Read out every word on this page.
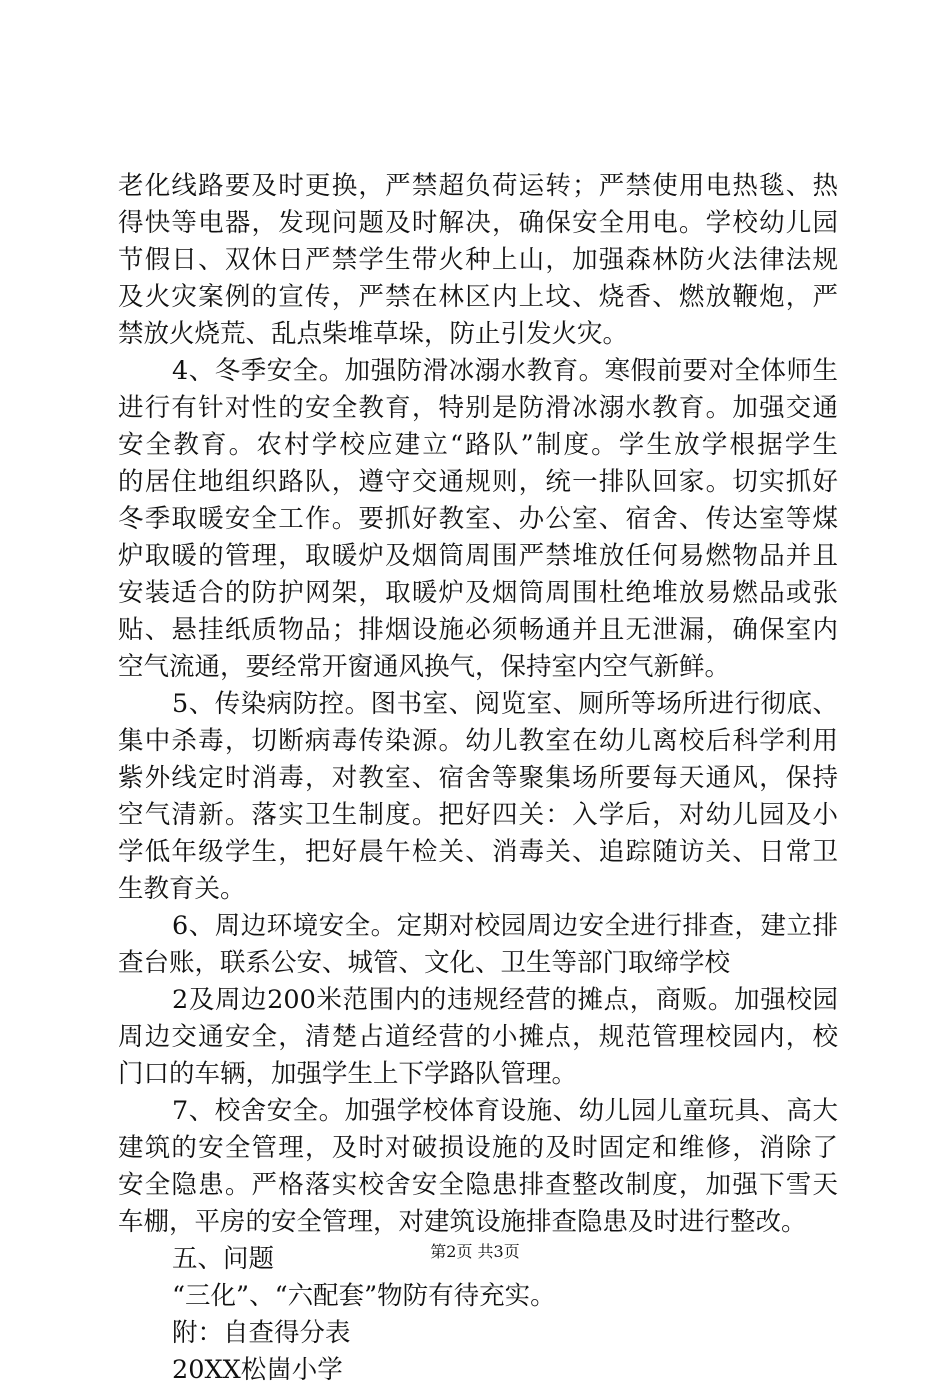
老化线路要及时更换，严禁超负荷运转；严禁使用电热毯、热
得快等电器，发现问题及时解决，确保安全用电。学校幼儿园
节假日、双休日严禁学生带火种上山，加强森林防火法律法规
及火灾案例的宣传，严禁在林区内上坟、烧香、燃放鞭炮，严
禁放火烧荒、乱点柴堆草垛，防止引发火灾。
4、冬季安全。加强防滑冰溺水教育。寒假前要对全体师生
进行有针对性的安全教育，特别是防滑冰溺水教育。加强交通
安全教育。农村学校应建立“路队”制度。学生放学根据学生
的居住地组织路队，遵守交通规则，统一排队回家。切实抓好
冬季取暖安全工作。要抓好教室、办公室、宿舍、传达室等煤
炉取暖的管理，取暖炉及烟筒周围严禁堆放任何易燃物品并且
安装适合的防护网架，取暖炉及烟筒周围杜绝堆放易燃品或张
贴、悬挂纸质物品；排烟设施必须畅通并且无泄漏，确保室内
空气流通，要经常开窗通风换气，保持室内空气新鲜。
5、传染病防控。图书室、阅览室、厕所等场所进行彻底、
集中杀毒，切断病毒传染源。幼儿教室在幼儿离校后科学利用
紫外线定时消毒，对教室、宿舍等聚集场所要每天通风，保持
空气清新。落实卫生制度。把好四关：入学后，对幼儿园及小
学低年级学生，把好晨午检关、消毒关、追踪随访关、日常卫
生教育关。
6、周边环境安全。定期对校园周边安全进行排查，建立排
查台账，联系公安、城管、文化、卫生等部门取缔学校
2及周边200米范围内的违规经营的摊点，商贩。加强校园
周边交通安全，清楚占道经营的小摊点，规范管理校园内，校
门口的车辆，加强学生上下学路队管理。
7、校舍安全。加强学校体育设施、幼儿园儿童玩具、高大
建筑的安全管理，及时对破损设施的及时固定和维修，消除了
安全隐患。严格落实校舍安全隐患排查整改制度，加强下雪天
车棚，平房的安全管理，对建筑设施排查隐患及时进行整改。
五、问题
“三化”、“六配套”物防有待充实。
附：自查得分表
20XX松崮小学
第2页 共3页
